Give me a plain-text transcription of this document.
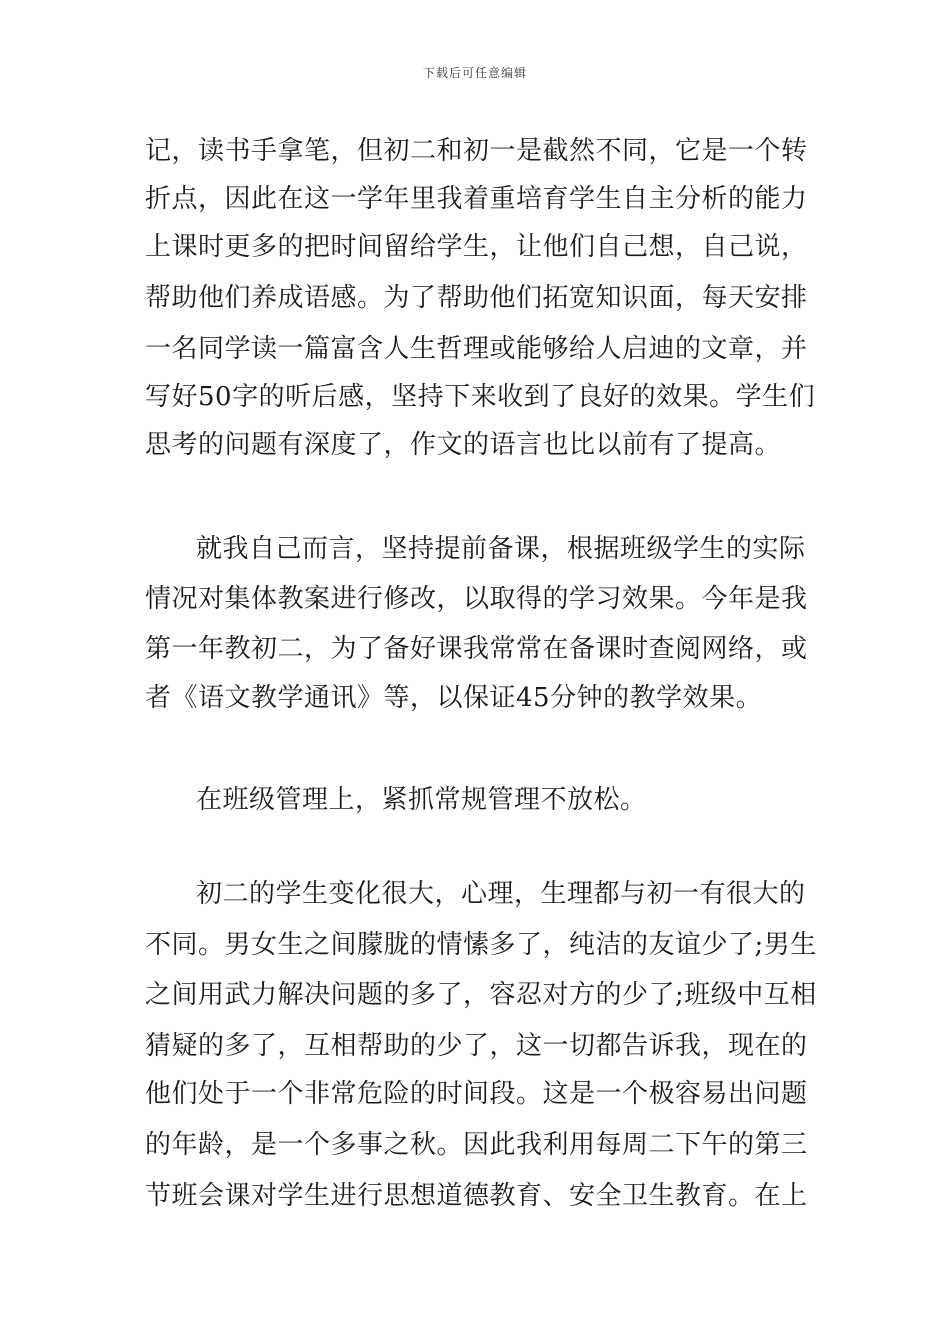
下载后可任意编辑
记，读书手拿笔，但初二和初一是截然不同，它是一个转
折点，因此在这一学年里我着重培育学生自主分析的能力
上课时更多的把时间留给学生，让他们自己想，自己说，
帮助他们养成语感。为了帮助他们拓宽知识面，每天安排
一名同学读一篇富含人生哲理或能够给人启迪的文章，并
写好50字的听后感，坚持下来收到了良好的效果。学生们
思考的问题有深度了，作文的语言也比以前有了提高。
就我自己而言，坚持提前备课，根据班级学生的实际
情况对集体教案进行修改，以取得的学习效果。今年是我
第一年教初二，为了备好课我常常在备课时查阅网络，或
者《语文教学通讯》等，以保证45分钟的教学效果。
在班级管理上，紧抓常规管理不放松。
初二的学生变化很大，心理，生理都与初一有很大的
不同。男女生之间朦胧的情愫多了，纯洁的友谊少了;男生
之间用武力解决问题的多了，容忍对方的少了;班级中互相
猜疑的多了，互相帮助的少了，这一切都告诉我，现在的
他们处于一个非常危险的时间段。这是一个极容易出问题
的年龄，是一个多事之秋。因此我利用每周二下午的第三
节班会课对学生进行思想道德教育、安全卫生教育。在上
